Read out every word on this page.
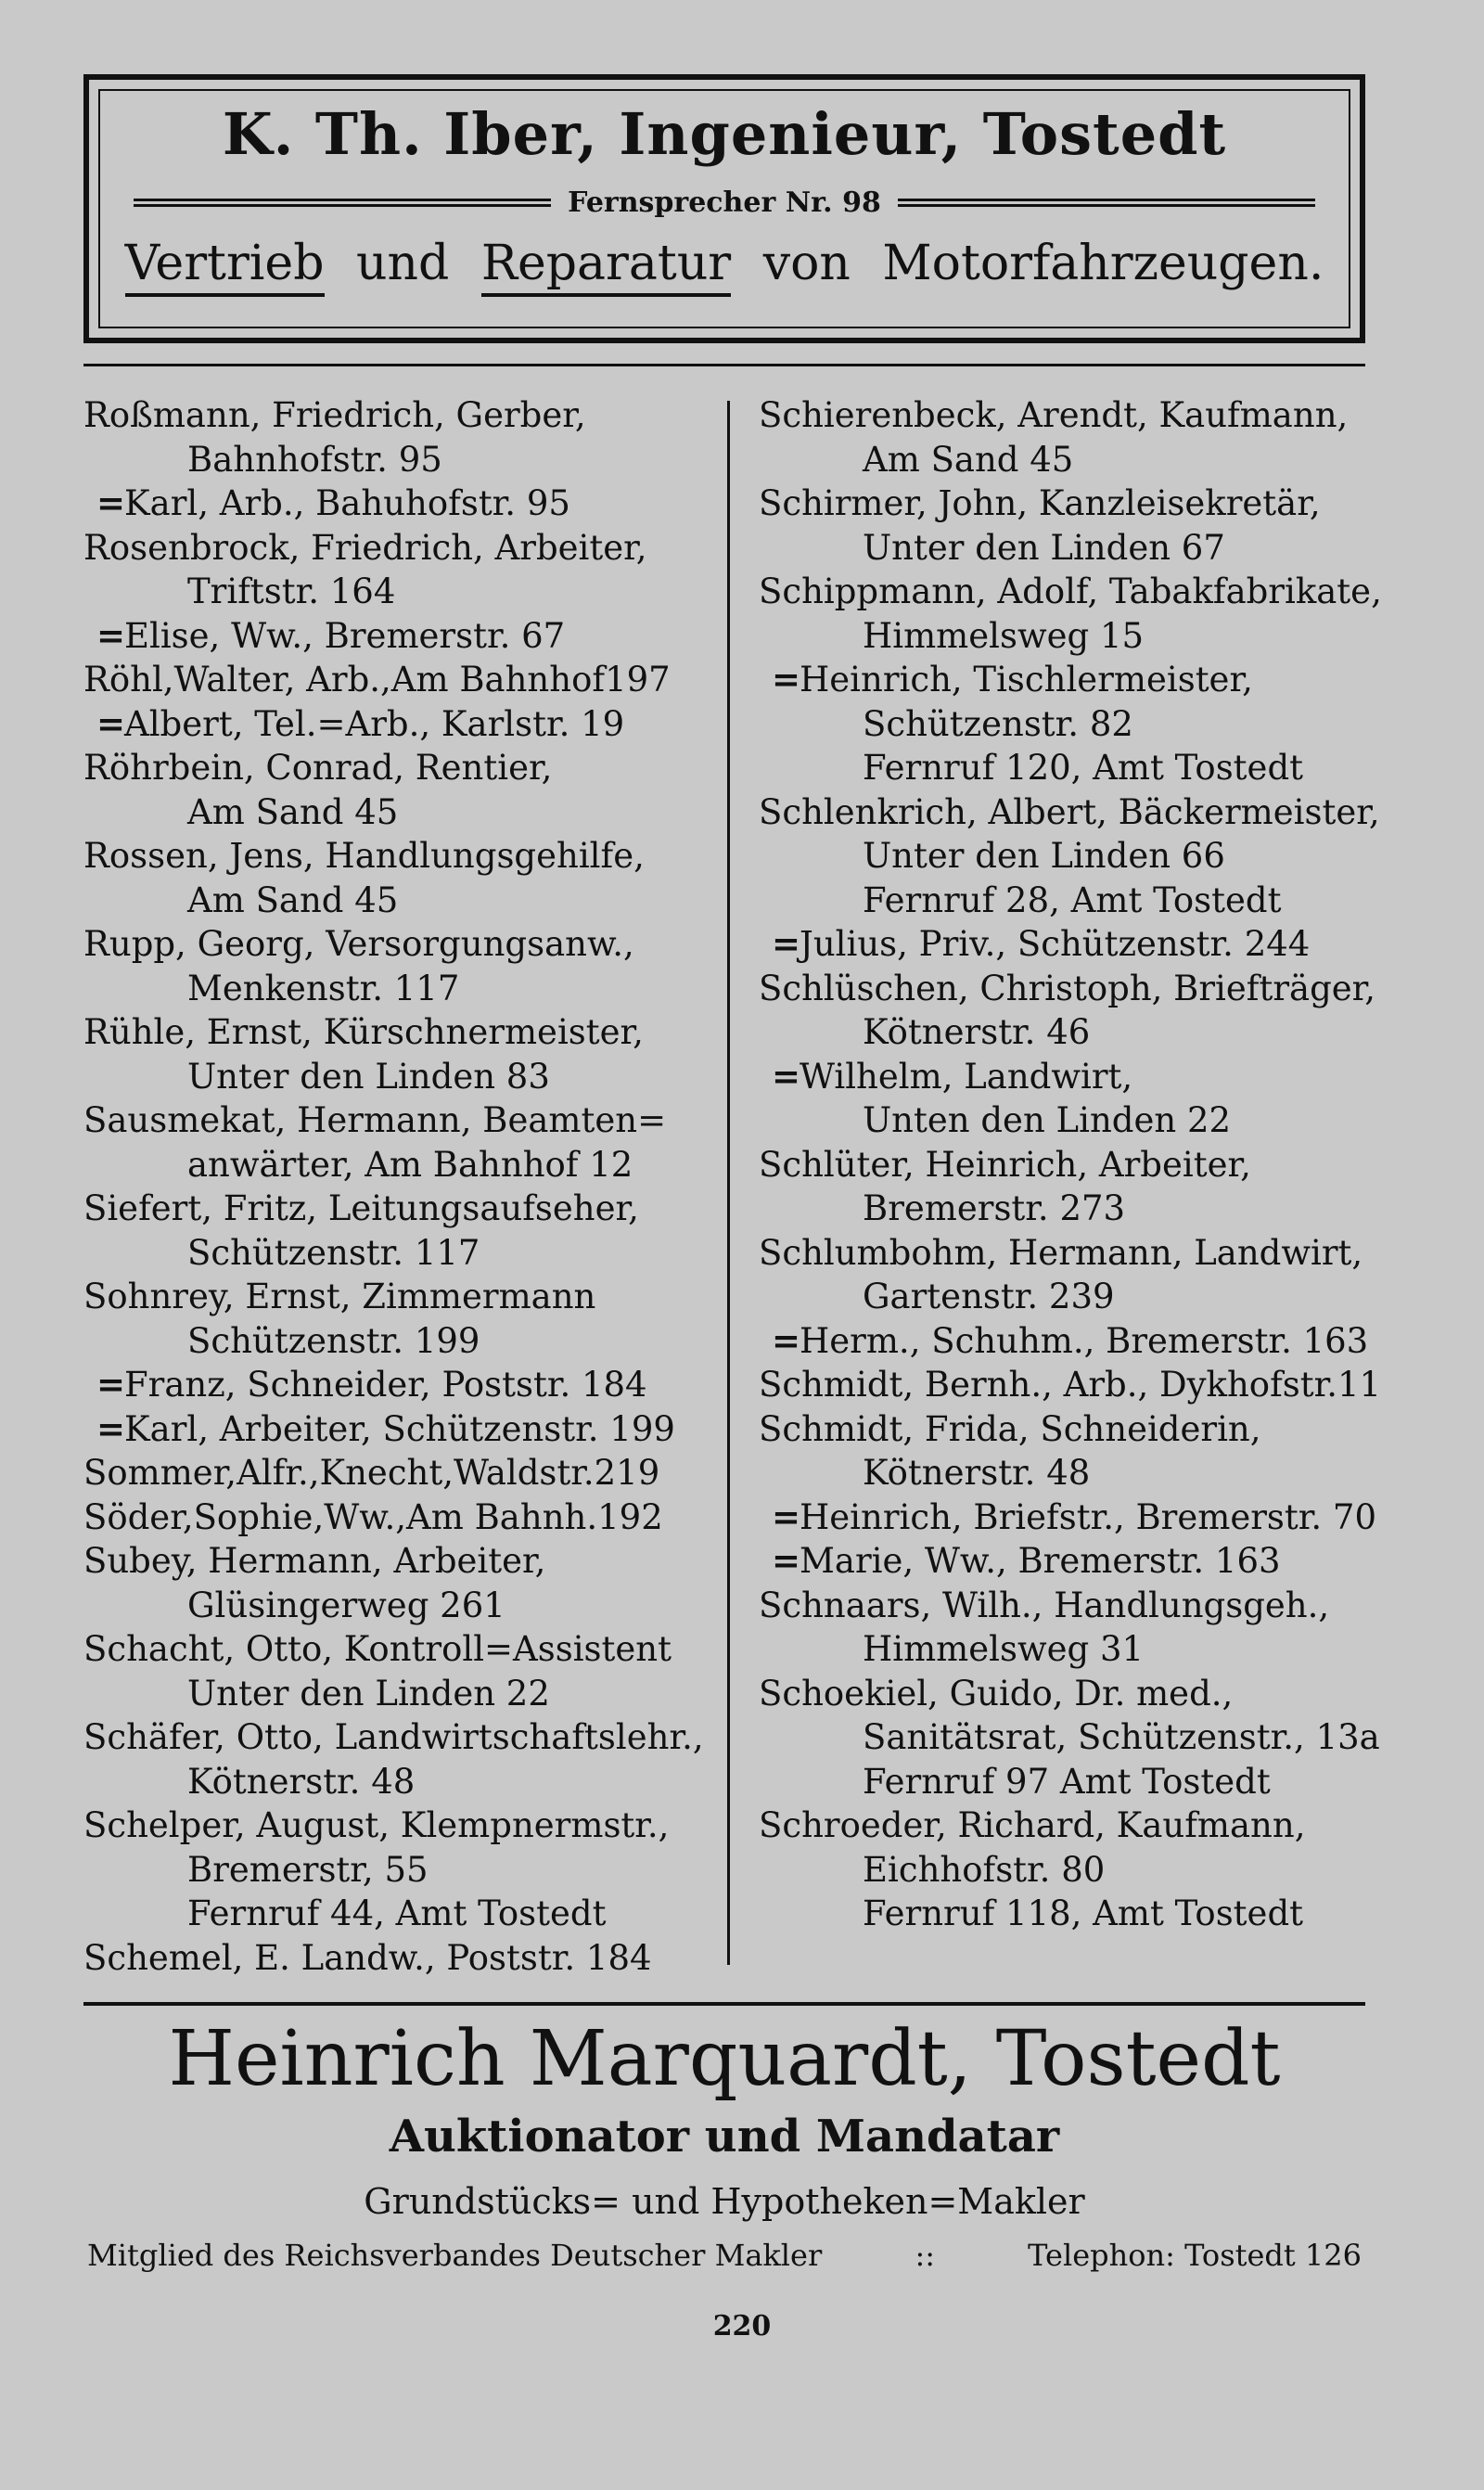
K. Th. Iber, Ingenieur, Tostedt
Fernsprecher Nr. 98
Vertrieb und Reparatur von Motorfahrzeugen.
Roßmann, Friedrich, Gerber,
Bahnhofstr. 95
=Karl, Arb., Bahuhofstr. 95
Rosenbrock, Friedrich, Arbeiter,
Triftstr. 164
=Elise, Ww., Bremerstr. 67
Röhl,Walter, Arb.,Am Bahnhof197
=Albert, Tel.=Arb., Karlstr. 19
Röhrbein, Conrad, Rentier,
Am Sand 45
Rossen, Jens, Handlungsgehilfe,
Am Sand 45
Rupp, Georg, Versorgungsanw.,
Menkenstr. 117
Rühle, Ernst, Kürschnermeister,
Unter den Linden 83
Sausmekat, Hermann, Beamten=
anwärter, Am Bahnhof 12
Siefert, Fritz, Leitungsaufseher,
Schützenstr. 117
Sohnrey, Ernst, Zimmermann
Schützenstr. 199
=Franz, Schneider, Poststr. 184
=Karl, Arbeiter, Schützenstr. 199
Sommer,Alfr.,Knecht,Waldstr.219
Söder,Sophie,Ww.,Am Bahnh.192
Subey, Hermann, Arbeiter,
Glüsingerweg 261
Schacht, Otto, Kontroll=Assistent
Unter den Linden 22
Schäfer, Otto, Landwirtschaftslehr.,
Kötnerstr. 48
Schelper, August, Klempnermstr.,
Bremerstr, 55
Fernruf 44, Amt Tostedt
Schemel, E. Landw., Poststr. 184
Schierenbeck, Arendt, Kaufmann,
Am Sand 45
Schirmer, John, Kanzleisekretär,
Unter den Linden 67
Schippmann, Adolf, Tabakfabrikate,
Himmelsweg 15
=Heinrich, Tischlermeister,
Schützenstr. 82
Fernruf 120, Amt Tostedt
Schlenkrich, Albert, Bäckermeister,
Unter den Linden 66
Fernruf 28, Amt Tostedt
=Julius, Priv., Schützenstr. 244
Schlüschen, Christoph, Briefträger,
Kötnerstr. 46
=Wilhelm, Landwirt,
Unten den Linden 22
Schlüter, Heinrich, Arbeiter,
Bremerstr. 273
Schlumbohm, Hermann, Landwirt,
Gartenstr. 239
=Herm., Schuhm., Bremerstr. 163
Schmidt, Bernh., Arb., Dykhofstr.11
Schmidt, Frida, Schneiderin,
Kötnerstr. 48
=Heinrich, Briefstr., Bremerstr. 70
=Marie, Ww., Bremerstr. 163
Schnaars, Wilh., Handlungsgeh.,
Himmelsweg 31
Schoekiel, Guido, Dr. med.,
Sanitätsrat, Schützenstr., 13a
Fernruf 97 Amt Tostedt
Schroeder, Richard, Kaufmann,
Eichhofstr. 80
Fernruf 118, Amt Tostedt
Heinrich Marquardt, Tostedt
Auktionator und Mandatar
Grundstücks= und Hypotheken=Makler
Mitglied des Reichsverbandes Deutscher Makler	::	Telephon: Tostedt 126
220
